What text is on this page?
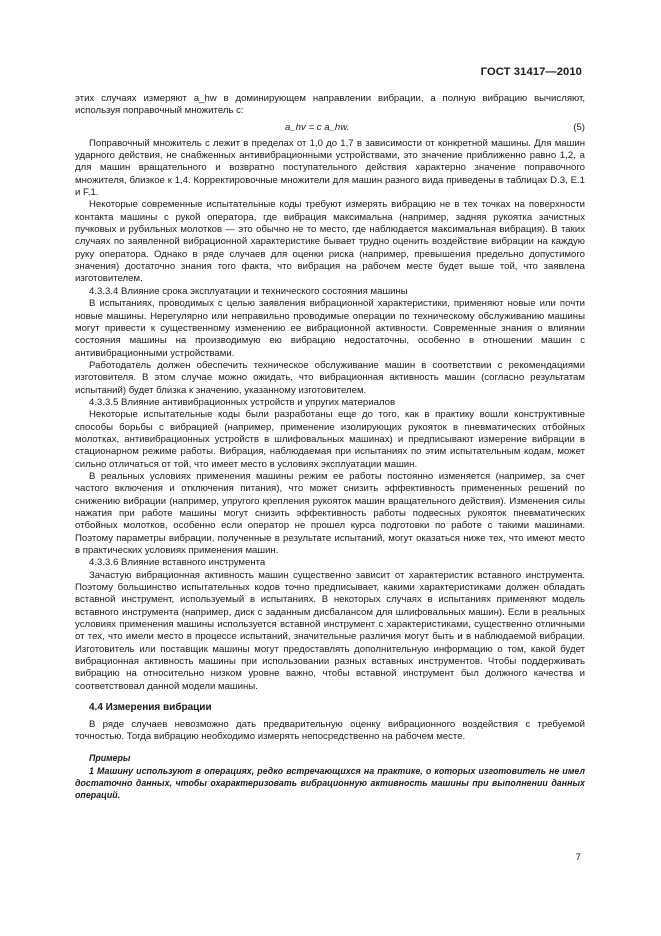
ГОСТ 31417—2010

этих случаях измеряют a_hw в доминирующем направлении вибрации, а полную вибрацию вычисляют, используя поправочный множитель c:

a_hv = c a_hw.	(5)

Поправочный множитель c лежит в пределах от 1,0 до 1,7 в зависимости от конкретной машины. Для машин ударного действия, не снабженных антивибрационными устройствами, это значение приближенно равно 1,2, а для машин вращательного и возвратно поступательного действия характерно значение поправочного множителя, близкое к 1,4. Корректировочные множители для машин разного вида приведены в таблицах D.3, Е.1 и F.1.

Некоторые современные испытательные коды требуют измерять вибрацию не в тех точках на поверхности контакта машины с рукой оператора, где вибрация максимальна (например, задняя рукоятка зачистных пучковых и рубильных молотков — это обычно не то место, где наблюдается максимальная вибрация). В таких случаях по заявленной вибрационной характеристике бывает трудно оценить воздействие вибрации на каждую руку оператора. Однако в ряде случаев для оценки риска (например, превышения предельно допустимого значения) достаточно знания того факта, что вибрация на рабочем месте будет выше той, что заявлена изготовителем.

4.3.3.4 Влияние срока эксплуатации и технического состояния машины

В испытаниях, проводимых с целью заявления вибрационной характеристики, применяют новые или почти новые машины. Нерегулярно или неправильно проводимые операции по техническому обслуживанию машины могут привести к существенному изменению ее вибрационной активности. Современные знания о влиянии состояния машины на производимую ею вибрацию недостаточны, особенно в отношении машин с антивибрационными устройствами.

Работодатель должен обеспечить техническое обслуживание машин в соответствии с рекомендациями изготовителя. В этом случае можно ожидать, что вибрационная активность машин (согласно результатам испытаний) будет близка к значению, указанному изготовителем.

4.3.3.5 Влияние антивибрационных устройств и упругих материалов

Некоторые испытательные коды были разработаны еще до того, как в практику вошли конструктивные способы борьбы с вибрацией (например, применение изолирующих рукояток в пневматических отбойных молотках, антивибрационных устройств в шлифовальных машинах) и предписывают измерение вибрации в стационарном режиме работы. Вибрация, наблюдаемая при испытаниях по этим испытательным кодам, может сильно отличаться от той, что имеет место в условиях эксплуатации машин.

В реальных условиях применения машины режим ее работы постоянно изменяется (например, за счет частого включения и отключения питания), что может снизить эффективность примененных решений по снижению вибрации (например, упругого крепления рукояток машин вращательного действия). Изменения силы нажатия при работе машины могут снизить эффективность работы подвесных рукояток пневматических отбойных молотков, особенно если оператор не прошел курса подготовки по работе с такими машинами. Поэтому параметры вибрации, полученные в результате испытаний, могут оказаться ниже тех, что имеют место в практических условиях применения машин.

4.3.3.6 Влияние вставного инструмента

Зачастую вибрационная активность машин существенно зависит от характеристик вставного инструмента. Поэтому большинство испытательных кодов точно предписывает, какими характеристиками должен обладать вставной инструмент, используемый в испытаниях. В некоторых случаях в испытаниях применяют модель вставного инструмента (например, диск с заданным дисбалансом для шлифовальных машин). Если в реальных условиях применения машины используется вставной инструмент с характеристиками, существенно отличными от тех, что имели место в процессе испытаний, значительные различия могут быть и в наблюдаемой вибрации. Изготовитель или поставщик машины могут предоставлять дополнительную информацию о том, какой будет вибрационная активность машины при использовании разных вставных инструментов. Чтобы поддерживать вибрацию на относительно низком уровне важно, чтобы вставной инструмент был должного качества и соответствовал данной модели машины.

4.4 Измерения вибрации

В ряде случаев невозможно дать предварительную оценку вибрационного воздействия с требуемой точностью. Тогда вибрацию необходимо измерять непосредственно на рабочем месте.

Примеры

1 Машину используют в операциях, редко встречающихся на практике, о которых изготовитель не имел достаточно данных, чтобы охарактеризовать вибрационную активность машины при выполнении данных операций.

7
